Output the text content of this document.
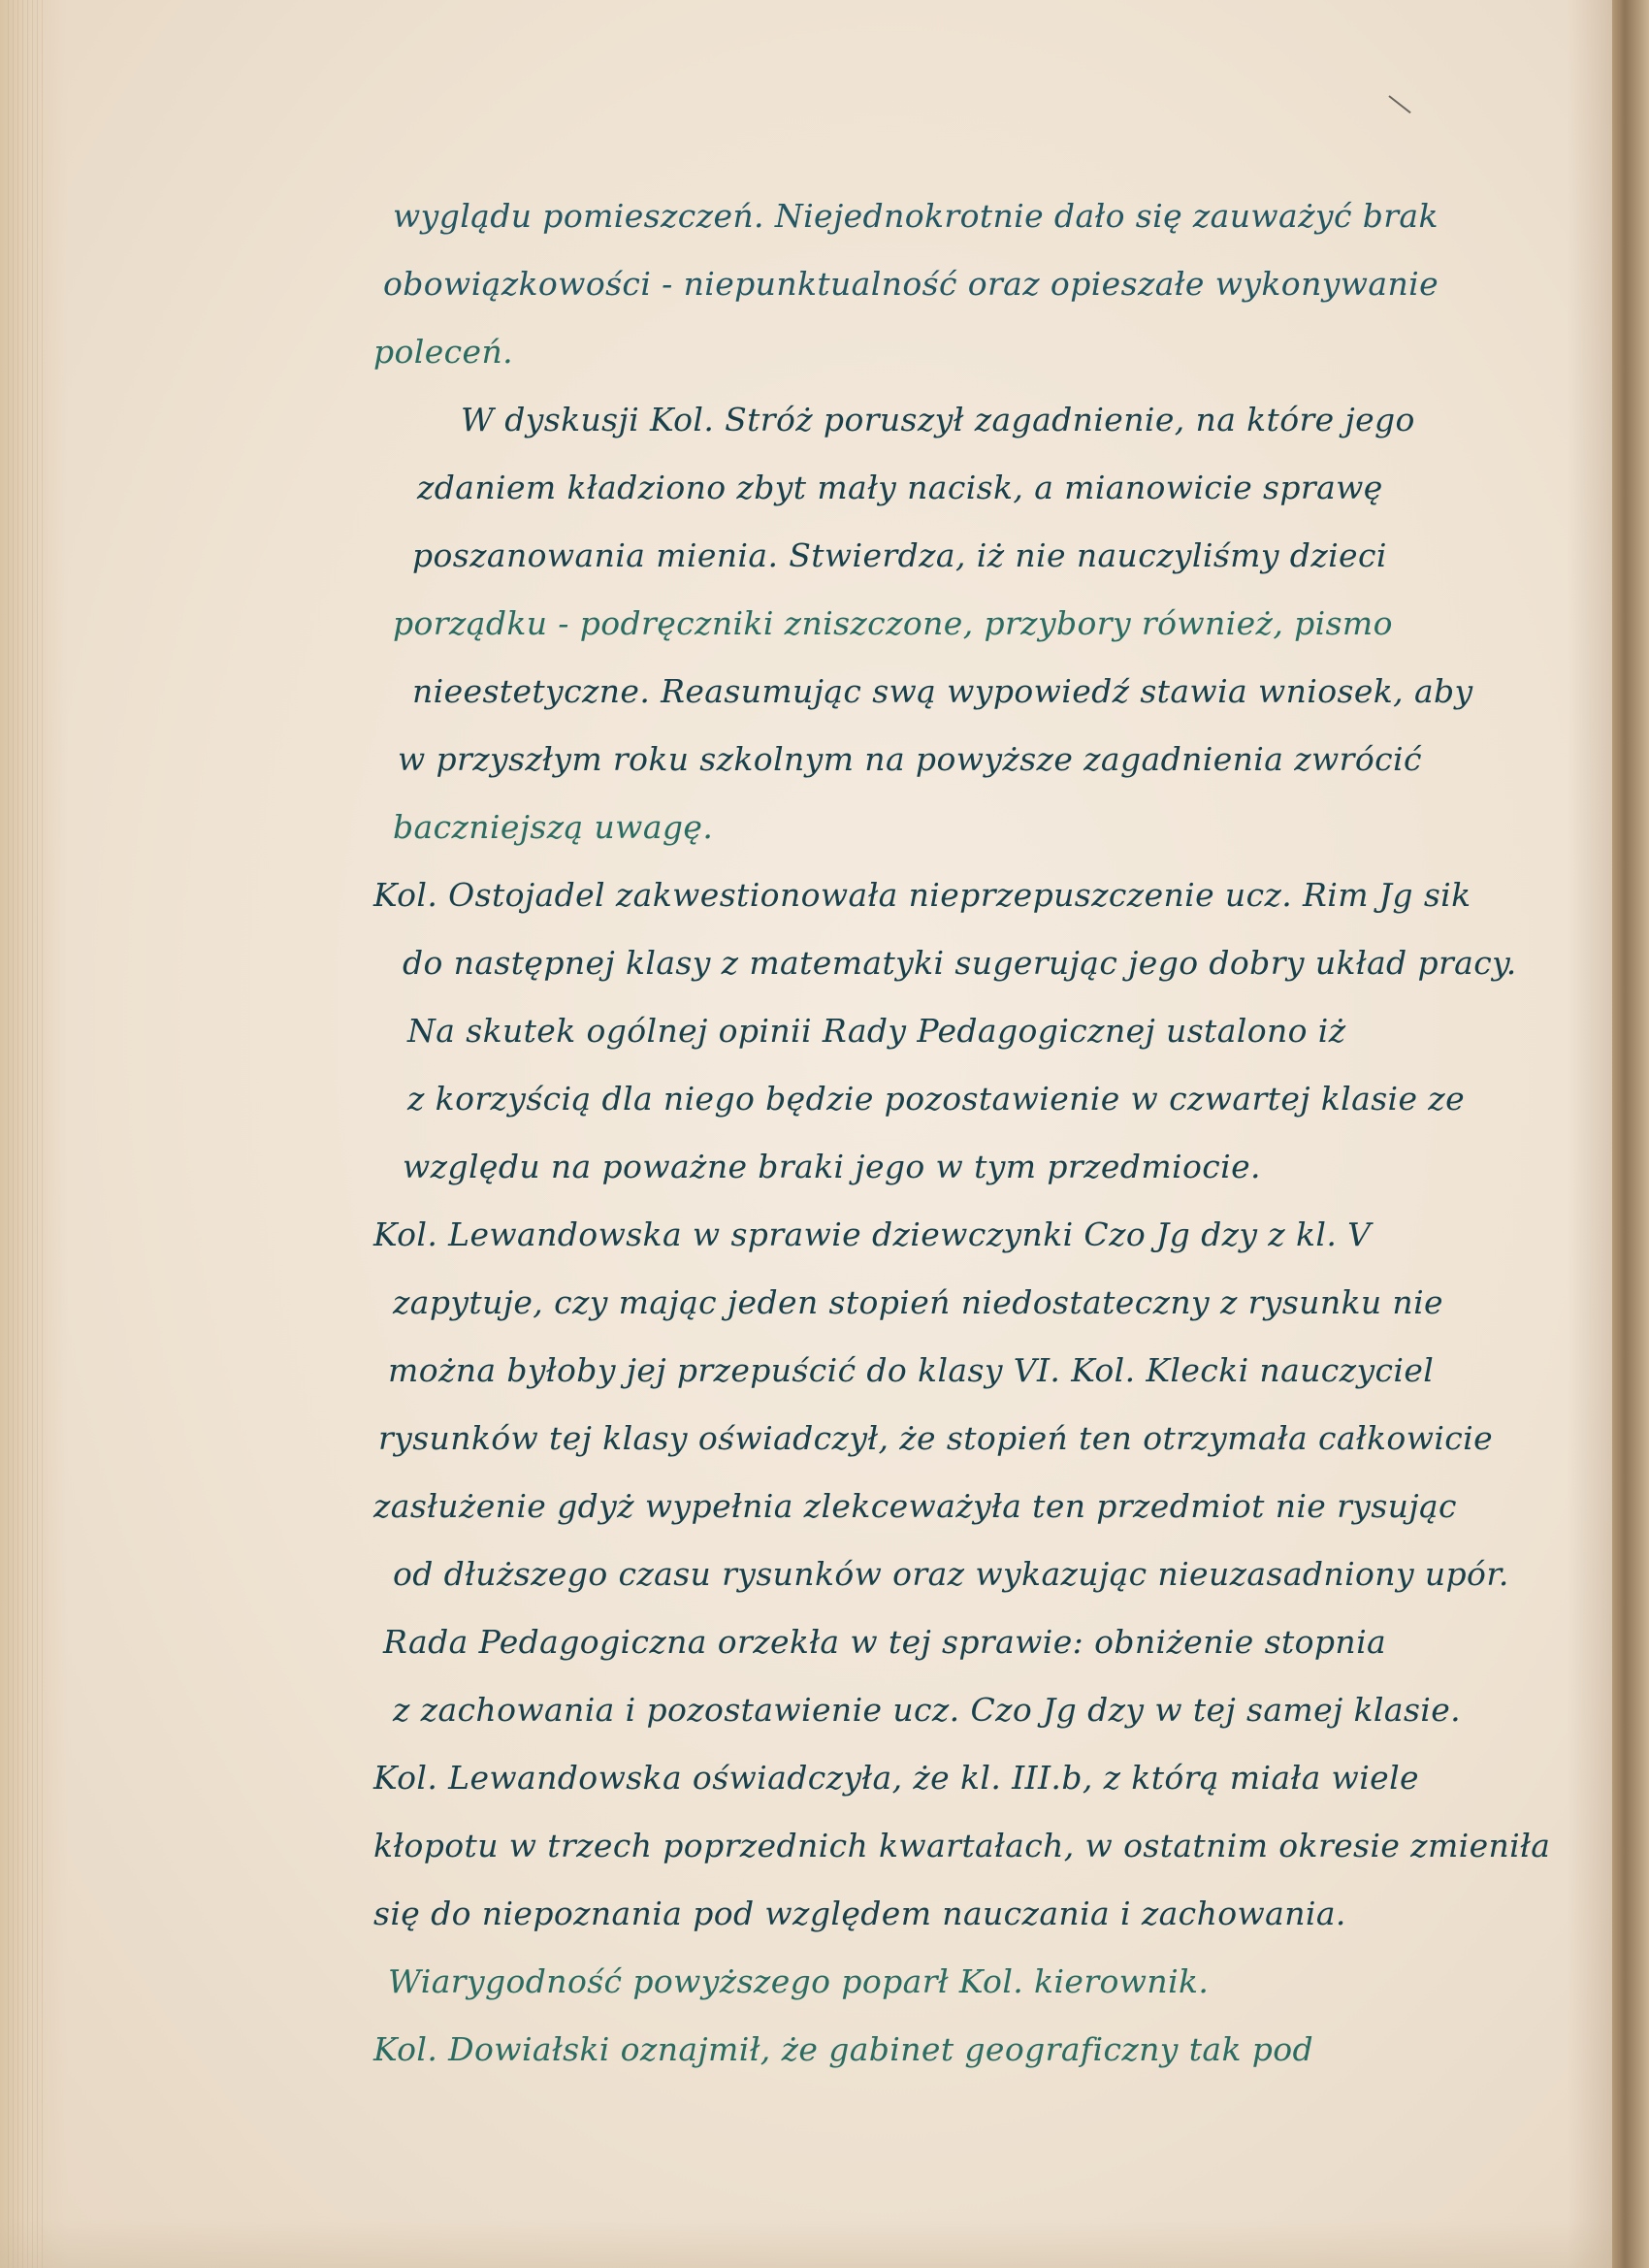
wyglądu pomieszczeń. Niejednokrotnie dało się zauważyć brak
obowiązkowości - niepunktualność oraz opieszałe wykonywanie
poleceń.
W dyskusji Kol. Stróż poruszył zagadnienie, na które jego
zdaniem kładziono zbyt mały nacisk, a mianowicie sprawę
poszanowania mienia. Stwierdza, iż nie nauczyliśmy dzieci
porządku - podręczniki zniszczone, przybory również, pismo
nieestetyczne. Reasumując swą wypowiedź stawia wniosek, aby
w przyszłym roku szkolnym na powyższe zagadnienia zwrócić
baczniejszą uwagę.
Kol. Ostojadel zakwestionowała nieprzepuszczenie ucz. Rim Jg sik
do następnej klasy z matematyki sugerując jego dobry układ pracy.
Na skutek ogólnej opinii Rady Pedagogicznej ustalono iż
z korzyścią dla niego będzie pozostawienie w czwartej klasie ze
względu na poważne braki jego w tym przedmiocie.
Kol. Lewandowska w sprawie dziewczynki Czo Jg dzy z kl. V
zapytuje, czy mając jeden stopień niedostateczny z rysunku nie
można byłoby jej przepuścić do klasy VI. Kol. Klecki nauczyciel
rysunków tej klasy oświadczył, że stopień ten otrzymała całkowicie
zasłużenie gdyż wypełnia zlekceważyła ten przedmiot nie rysując
od dłuższego czasu rysunków oraz wykazując nieuzasadniony upór.
Rada Pedagogiczna orzekła w tej sprawie: obniżenie stopnia
z zachowania i pozostawienie ucz. Czo Jg dzy w tej samej klasie.
Kol. Lewandowska oświadczyła, że kl. III.b, z którą miała wiele
kłopotu w trzech poprzednich kwartałach, w ostatnim okresie zmieniła
się do niepoznania pod względem nauczania i zachowania.
Wiarygodność powyższego poparł Kol. kierownik.
Kol. Dowiałski oznajmił, że gabinet geograficzny tak pod
